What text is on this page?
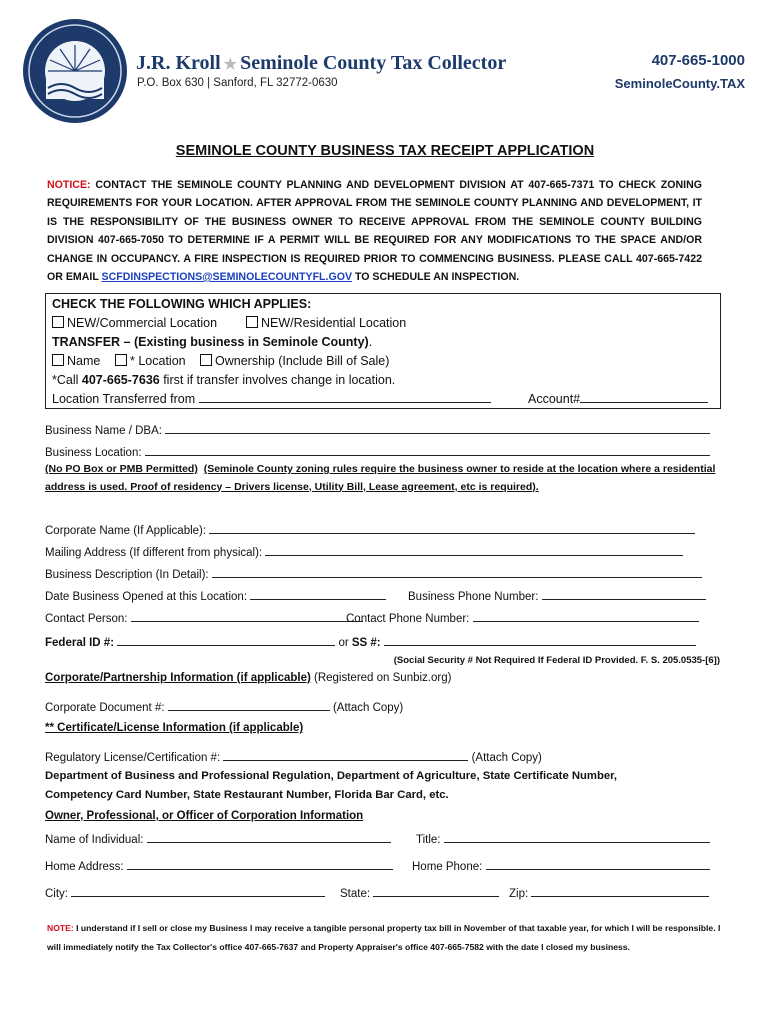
J.R. Kroll ★ Seminole County Tax Collector
P.O. Box 630 | Sanford, FL 32772-0630
407-665-1000
SeminoleCounty.TAX
SEMINOLE COUNTY BUSINESS TAX RECEIPT APPLICATION
NOTICE: CONTACT THE SEMINOLE COUNTY PLANNING AND DEVELOPMENT DIVISION AT 407-665-7371 TO CHECK ZONING REQUIREMENTS FOR YOUR LOCATION. AFTER APPROVAL FROM THE SEMINOLE COUNTY PLANNING AND DEVELOPMENT, IT IS THE RESPONSIBILITY OF THE BUSINESS OWNER TO RECEIVE APPROVAL FROM THE SEMINOLE COUNTY BUILDING DIVISION 407-665-7050 TO DETERMINE IF A PERMIT WILL BE REQUIRED FOR ANY MODIFICATIONS TO THE SPACE AND/OR CHANGE IN OCCUPANCY. A FIRE INSPECTION IS REQUIRED PRIOR TO COMMENCING BUSINESS. PLEASE CALL 407-665-7422 OR EMAIL SCFDINSPECTIONS@SEMINOLECOUNTYFL.GOV TO SCHEDULE AN INSPECTION.
CHECK THE FOLLOWING WHICH APPLIES:
NEW/Commercial Location	NEW/Residential Location
TRANSFER – (Existing business in Seminole County).
Name	* Location	Ownership (Include Bill of Sale)
*Call 407-665-7636 first if transfer involves change in location.
Location Transferred from	Account#
Business Name / DBA:
Business Location:
(No PO Box or PMB Permitted) (Seminole County zoning rules require the business owner to reside at the location where a residential address is used. Proof of residency – Drivers license, Utility Bill, Lease agreement, etc is required).
Corporate Name (If Applicable):
Mailing Address (If different from physical):
Business Description (In Detail):
Date Business Opened at this Location:	Business Phone Number:
Contact Person:	Contact Phone Number:
Federal ID #:	or SS #:
(Social Security # Not Required If Federal ID Provided. F. S. 205.0535-[6])
Corporate/Partnership Information (if applicable) (Registered on Sunbiz.org)
Corporate Document #:	(Attach Copy)
** Certificate/License Information (if applicable)
Regulatory License/Certification #:	(Attach Copy)
Department of Business and Professional Regulation, Department of Agriculture, State Certificate Number, Competency Card Number, State Restaurant Number, Florida Bar Card, etc.
Owner, Professional, or Officer of Corporation Information
Name of Individual:	Title:
Home Address:	Home Phone:
City:	State:	Zip:
NOTE: I understand if I sell or close my Business I may receive a tangible personal property tax bill in November of that taxable year, for which I will be responsible. I will immediately notify the Tax Collector's office 407-665-7637 and Property Appraiser's office 407-665-7582 with the date I closed my business.
